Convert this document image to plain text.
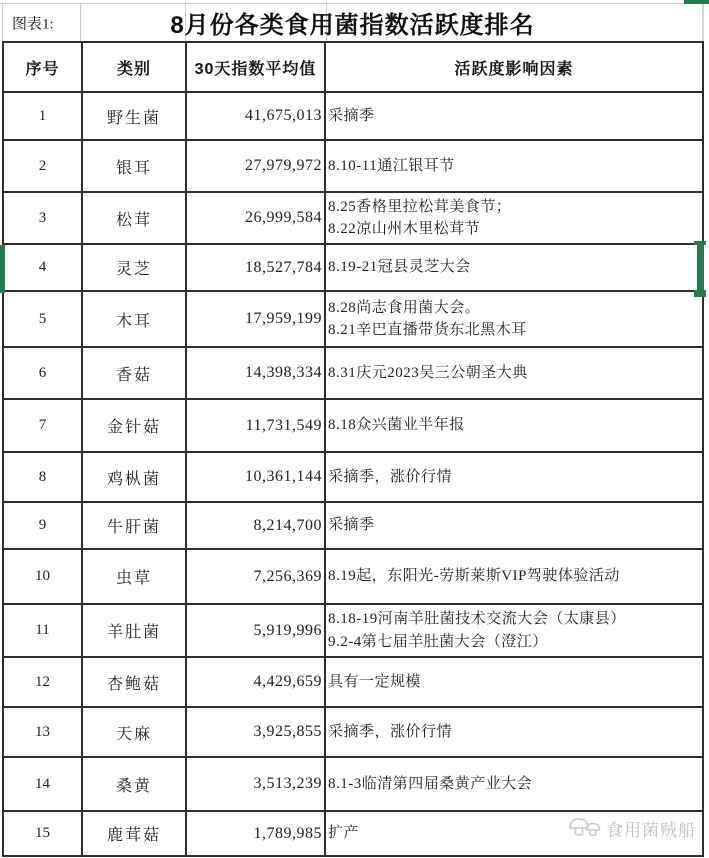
图表1:	8月份各类食用菌指数活跃度排名
序号	类别	30天指数平均值	活跃度影响因素
1	野生菌	41,675,013	采摘季

2	银耳	27,979,972	8.10-11通江银耳节

3	松茸	26,999,584	8.25香格里拉松茸美食节；
8.22凉山州木里松茸节

4	灵芝	18,527,784	8.19-21冠县灵芝大会

5	木耳	17,959,199	8.28尚志食用菌大会。
8.21辛巴直播带货东北黑木耳

6	香菇	14,398,334	8.31庆元2023吴三公朝圣大典

7	金针菇	11,731,549	8.18众兴菌业半年报

8	鸡枞菌	10,361,144	采摘季，涨价行情

9	牛肝菌	8,214,700	采摘季

10	虫草	7,256,369	8.19起，东阳光-劳斯莱斯VIP驾驶体验活动

11	羊肚菌	5,919,996	8.18-19河南羊肚菌技术交流大会（太康县）
9.2-4第七届羊肚菌大会（澄江）

12	杏鲍菇	4,429,659	具有一定规模

13	天麻	3,925,855	采摘季，涨价行情

14	桑黄	3,513,239	8.1-3临清第四届桑黄产业大会

15	鹿茸菇	1,789,985	扩产	食用菌贼船
